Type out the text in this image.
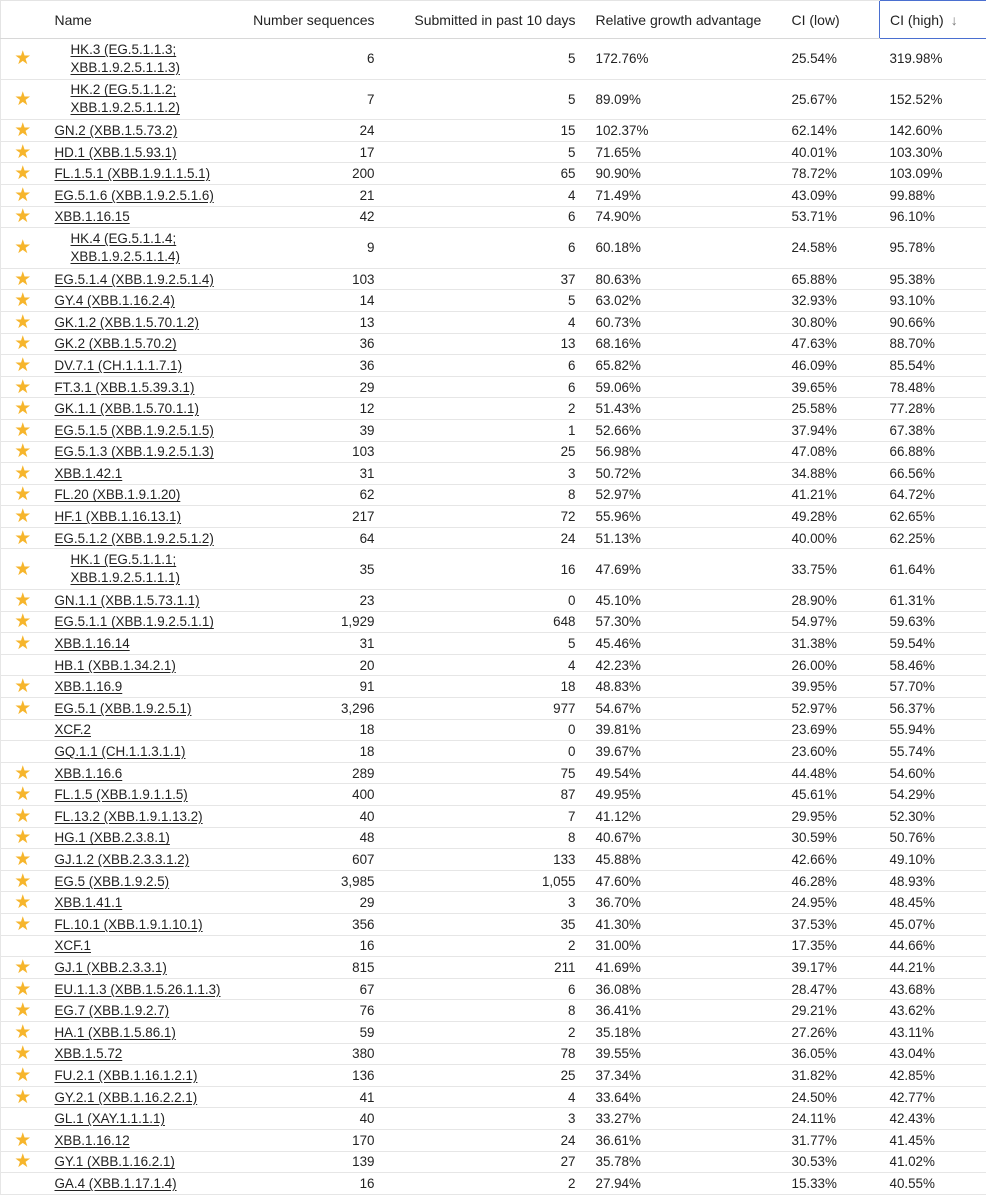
	Name	Number sequences	Submitted in past 10 days	Relative growth advantage	CI (low)	CI (high) ↓
★	HK.3 (EG.5.1.1.3; XBB.1.9.2.5.1.1.3)	6	5	172.76%	25.54%	319.98%
★	HK.2 (EG.5.1.1.2; XBB.1.9.2.5.1.1.2)	7	5	89.09%	25.67%	152.52%
★	GN.2 (XBB.1.5.73.2)	24	15	102.37%	62.14%	142.60%
★	HD.1 (XBB.1.5.93.1)	17	5	71.65%	40.01%	103.30%
★	FL.1.5.1 (XBB.1.9.1.1.5.1)	200	65	90.90%	78.72%	103.09%
★	EG.5.1.6 (XBB.1.9.2.5.1.6)	21	4	71.49%	43.09%	99.88%
★	XBB.1.16.15	42	6	74.90%	53.71%	96.10%
★	HK.4 (EG.5.1.1.4; XBB.1.9.2.5.1.1.4)	9	6	60.18%	24.58%	95.78%
★	EG.5.1.4 (XBB.1.9.2.5.1.4)	103	37	80.63%	65.88%	95.38%
★	GY.4 (XBB.1.16.2.4)	14	5	63.02%	32.93%	93.10%
★	GK.1.2 (XBB.1.5.70.1.2)	13	4	60.73%	30.80%	90.66%
★	GK.2 (XBB.1.5.70.2)	36	13	68.16%	47.63%	88.70%
★	DV.7.1 (CH.1.1.1.7.1)	36	6	65.82%	46.09%	85.54%
★	FT.3.1 (XBB.1.5.39.3.1)	29	6	59.06%	39.65%	78.48%
★	GK.1.1 (XBB.1.5.70.1.1)	12	2	51.43%	25.58%	77.28%
★	EG.5.1.5 (XBB.1.9.2.5.1.5)	39	1	52.66%	37.94%	67.38%
★	EG.5.1.3 (XBB.1.9.2.5.1.3)	103	25	56.98%	47.08%	66.88%
★	XBB.1.42.1	31	3	50.72%	34.88%	66.56%
★	FL.20 (XBB.1.9.1.20)	62	8	52.97%	41.21%	64.72%
★	HF.1 (XBB.1.16.13.1)	217	72	55.96%	49.28%	62.65%
★	EG.5.1.2 (XBB.1.9.2.5.1.2)	64	24	51.13%	40.00%	62.25%
★	HK.1 (EG.5.1.1.1; XBB.1.9.2.5.1.1.1)	35	16	47.69%	33.75%	61.64%
★	GN.1.1 (XBB.1.5.73.1.1)	23	0	45.10%	28.90%	61.31%
★	EG.5.1.1 (XBB.1.9.2.5.1.1)	1,929	648	57.30%	54.97%	59.63%
★	XBB.1.16.14	31	5	45.46%	31.38%	59.54%
	HB.1 (XBB.1.34.2.1)	20	4	42.23%	26.00%	58.46%
★	XBB.1.16.9	91	18	48.83%	39.95%	57.70%
★	EG.5.1 (XBB.1.9.2.5.1)	3,296	977	54.67%	52.97%	56.37%
	XCF.2	18	0	39.81%	23.69%	55.94%
	GQ.1.1 (CH.1.1.3.1.1)	18	0	39.67%	23.60%	55.74%
★	XBB.1.16.6	289	75	49.54%	44.48%	54.60%
★	FL.1.5 (XBB.1.9.1.1.5)	400	87	49.95%	45.61%	54.29%
★	FL.13.2 (XBB.1.9.1.13.2)	40	7	41.12%	29.95%	52.30%
★	HG.1 (XBB.2.3.8.1)	48	8	40.67%	30.59%	50.76%
★	GJ.1.2 (XBB.2.3.3.1.2)	607	133	45.88%	42.66%	49.10%
★	EG.5 (XBB.1.9.2.5)	3,985	1,055	47.60%	46.28%	48.93%
★	XBB.1.41.1	29	3	36.70%	24.95%	48.45%
★	FL.10.1 (XBB.1.9.1.10.1)	356	35	41.30%	37.53%	45.07%
	XCF.1	16	2	31.00%	17.35%	44.66%
★	GJ.1 (XBB.2.3.3.1)	815	211	41.69%	39.17%	44.21%
★	EU.1.1.3 (XBB.1.5.26.1.1.3)	67	6	36.08%	28.47%	43.68%
★	EG.7 (XBB.1.9.2.7)	76	8	36.41%	29.21%	43.62%
★	HA.1 (XBB.1.5.86.1)	59	2	35.18%	27.26%	43.11%
★	XBB.1.5.72	380	78	39.55%	36.05%	43.04%
★	FU.2.1 (XBB.1.16.1.2.1)	136	25	37.34%	31.82%	42.85%
★	GY.2.1 (XBB.1.16.2.2.1)	41	4	33.64%	24.50%	42.77%
	GL.1 (XAY.1.1.1.1)	40	3	33.27%	24.11%	42.43%
★	XBB.1.16.12	170	24	36.61%	31.77%	41.45%
★	GY.1 (XBB.1.16.2.1)	139	27	35.78%	30.53%	41.02%
	GA.4 (XBB.1.17.1.4)	16	2	27.94%	15.33%	40.55%
